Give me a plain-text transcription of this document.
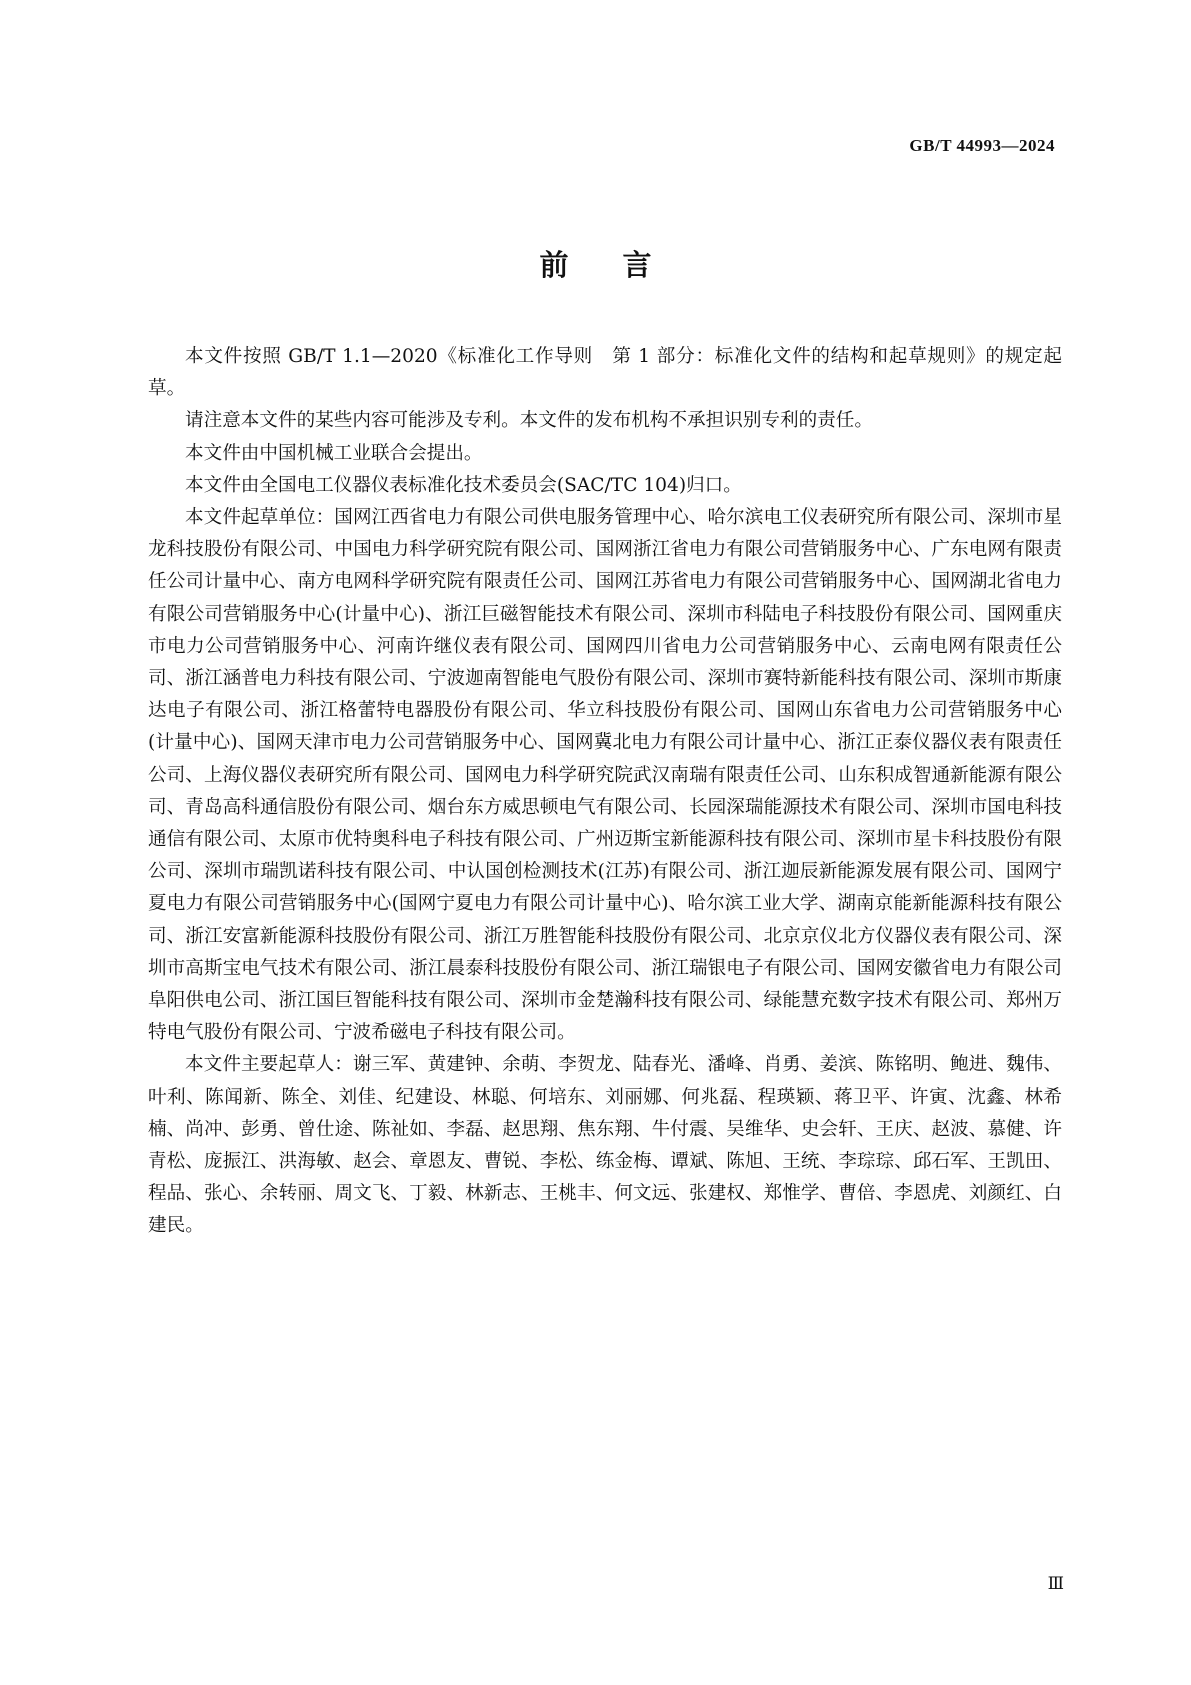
GB/T 44993—2024
前言

本文件按照 GB/T 1.1—2020《标准化工作导则　第 1 部分：标准化文件的结构和起草规则》的规定起草。

请注意本文件的某些内容可能涉及专利。本文件的发布机构不承担识别专利的责任。

本文件由中国机械工业联合会提出。

本文件由全国电工仪器仪表标准化技术委员会(SAC/TC 104)归口。

本文件起草单位：国网江西省电力有限公司供电服务管理中心、哈尔滨电工仪表研究所有限公司、深圳市星龙科技股份有限公司、中国电力科学研究院有限公司、国网浙江省电力有限公司营销服务中心、广东电网有限责任公司计量中心、南方电网科学研究院有限责任公司、国网江苏省电力有限公司营销服务中心、国网湖北省电力有限公司营销服务中心(计量中心)、浙江巨磁智能技术有限公司、深圳市科陆电子科技股份有限公司、国网重庆市电力公司营销服务中心、河南许继仪表有限公司、国网四川省电力公司营销服务中心、云南电网有限责任公司、浙江涵普电力科技有限公司、宁波迦南智能电气股份有限公司、深圳市赛特新能科技有限公司、深圳市斯康达电子有限公司、浙江格蕾特电器股份有限公司、华立科技股份有限公司、国网山东省电力公司营销服务中心(计量中心)、国网天津市电力公司营销服务中心、国网冀北电力有限公司计量中心、浙江正泰仪器仪表有限责任公司、上海仪器仪表研究所有限公司、国网电力科学研究院武汉南瑞有限责任公司、山东积成智通新能源有限公司、青岛高科通信股份有限公司、烟台东方威思顿电气有限公司、长园深瑞能源技术有限公司、深圳市国电科技通信有限公司、太原市优特奥科电子科技有限公司、广州迈斯宝新能源科技有限公司、深圳市星卡科技股份有限公司、深圳市瑞凯诺科技有限公司、中认国创检测技术(江苏)有限公司、浙江迦辰新能源发展有限公司、国网宁夏电力有限公司营销服务中心(国网宁夏电力有限公司计量中心)、哈尔滨工业大学、湖南京能新能源科技有限公司、浙江安富新能源科技股份有限公司、浙江万胜智能科技股份有限公司、北京京仪北方仪器仪表有限公司、深圳市高斯宝电气技术有限公司、浙江晨泰科技股份有限公司、浙江瑞银电子有限公司、国网安徽省电力有限公司阜阳供电公司、浙江国巨智能科技有限公司、深圳市金楚瀚科技有限公司、绿能慧充数字技术有限公司、郑州万特电气股份有限公司、宁波希磁电子科技有限公司。

本文件主要起草人：谢三军、黄建钟、余萌、李贺龙、陆春光、潘峰、肖勇、姜滨、陈铭明、鲍进、魏伟、叶利、陈闻新、陈全、刘佳、纪建设、林聪、何培东、刘丽娜、何兆磊、程瑛颖、蒋卫平、许寅、沈鑫、林希楠、尚冲、彭勇、曾仕途、陈祉如、李磊、赵思翔、焦东翔、牛付震、吴维华、史会轩、王庆、赵波、慕健、许青松、庞振江、洪海敏、赵会、章恩友、曹锐、李松、练金梅、谭斌、陈旭、王统、李琮琮、邱石军、王凯田、程品、张心、余转丽、周文飞、丁毅、林新志、王桃丰、何文远、张建权、郑惟学、曹倍、李恩虎、刘颜红、白建民。

Ⅲ
